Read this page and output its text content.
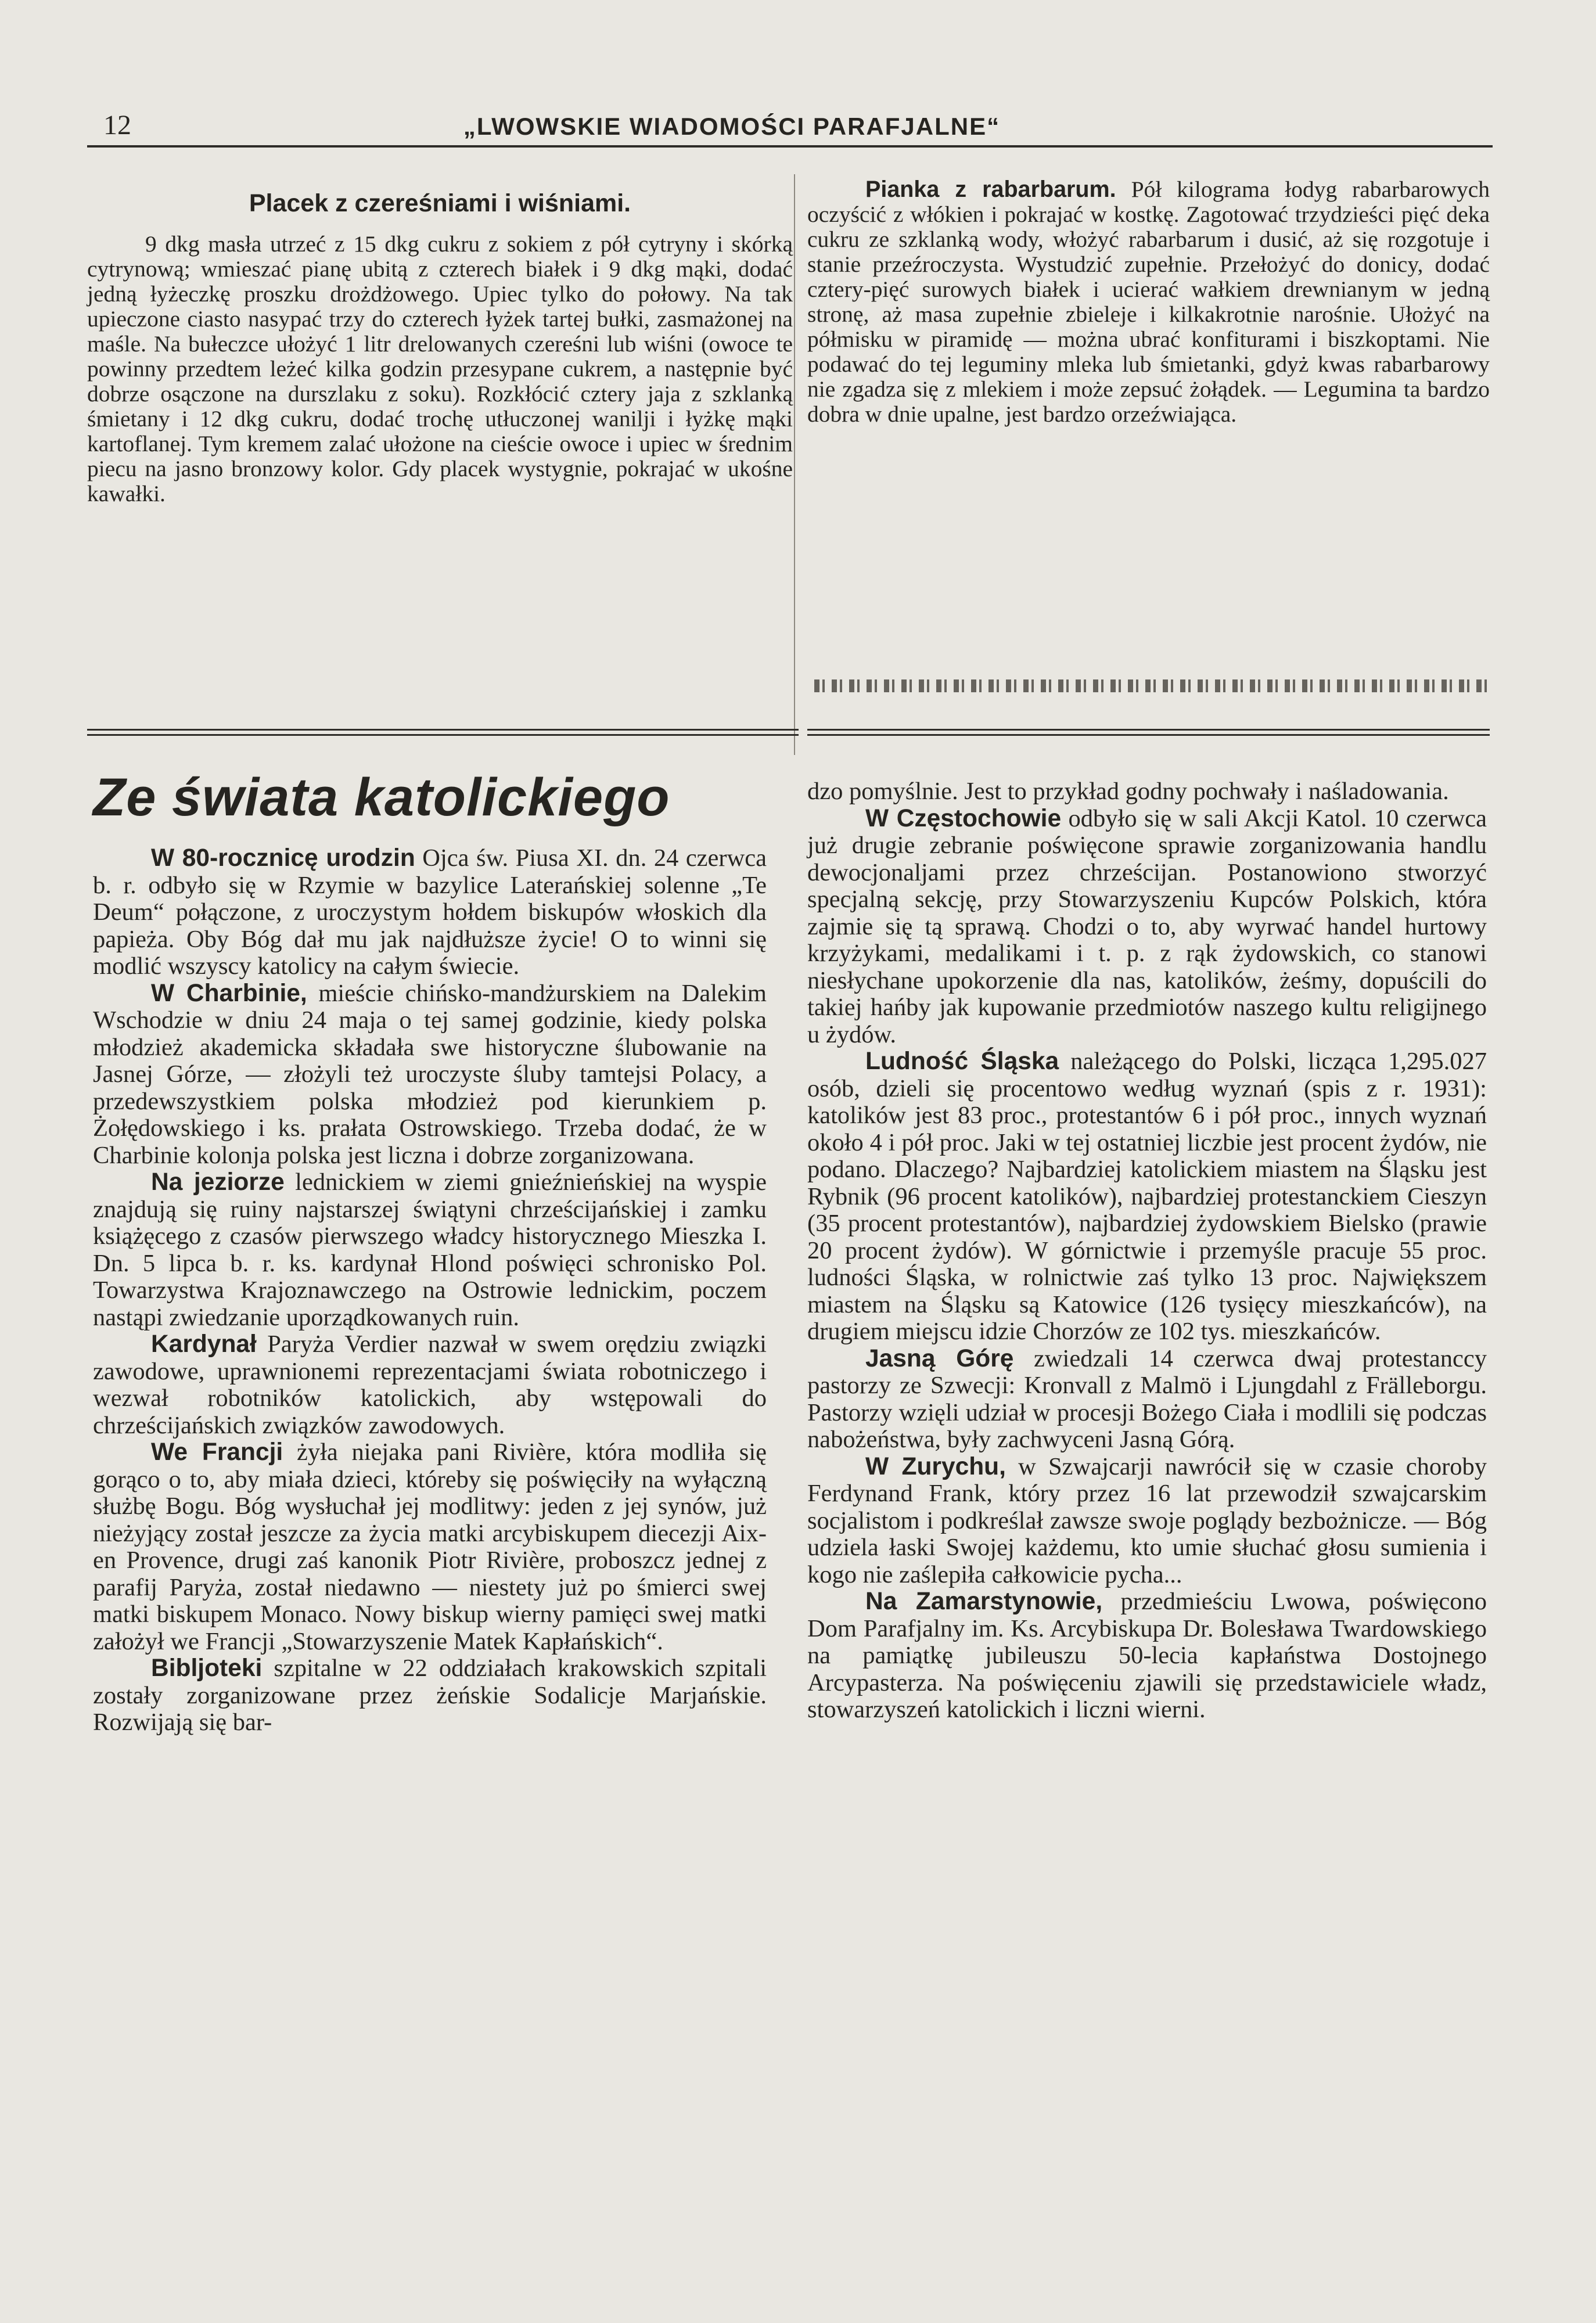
12	„LWOWSKIE WIADOMOŚCI PARAFJALNE“
Placek z czereśniami i wiśniami.

9 dkg masła utrzeć z 15 dkg cukru z sokiem z pół cytryny i skórką cytrynową; wmieszać pianę ubitą z czterech białek i 9 dkg mąki, dodać jedną łyżeczkę proszku drożdżowego. Upiec tylko do połowy. Na tak upieczone ciasto nasypać trzy do czterech łyżek tartej bułki, zasmażonej na maśle. Na bułeczce ułożyć 1 litr drelowanych czereśni lub wiśni (owoce te powinny przedtem leżeć kilka godzin przesypane cukrem, a następnie być dobrze osączone na durszlaku z soku). Rozkłócić cztery jaja z szklanką śmietany i 12 dkg cukru, dodać trochę utłuczonej wanilji i łyżkę mąki kartoflanej. Tym kremem zalać ułożone na cieście owoce i upiec w średnim piecu na jasno bronzowy kolor. Gdy placek wystygnie, pokrajać w ukośne kawałki.

Pianka z rabarbarum. Pół kilograma łodyg rabarbarowych oczyścić z włókien i pokrajać w kostkę. Zagotować trzydzieści pięć deka cukru ze szklanką wody, włożyć rabarbarum i dusić, aż się rozgotuje i stanie przeźroczysta. Wystudzić zupełnie. Przełożyć do donicy, dodać cztery-pięć surowych białek i ucierać wałkiem drewnianym w jedną stronę, aż masa zupełnie zbieleje i kilkakrotnie narośnie. Ułożyć na półmisku w piramidę — można ubrać konfiturami i biszkoptami. Nie podawać do tej leguminy mleka lub śmietanki, gdyż kwas rabarbarowy nie zgadza się z mlekiem i może zepsuć żołądek. — Legumina ta bardzo dobra w dnie upalne, jest bardzo orzeźwiająca.

Ze świata katolickiego

W 80-rocznicę urodzin Ojca św. Piusa XI. dn. 24 czerwca b. r. odbyło się w Rzymie w bazylice Laterańskiej solenne „Te Deum“ połączone, z uroczystym hołdem biskupów włoskich dla papieża. Oby Bóg dał mu jak najdłuższe życie! O to winni się modlić wszyscy katolicy na całym świecie.

W Charbinie, mieście chińsko-mandżurskiem na Dalekim Wschodzie w dniu 24 maja o tej samej godzinie, kiedy polska młodzież akademicka składała swe historyczne ślubowanie na Jasnej Górze, — złożyli też uroczyste śluby tamtejsi Polacy, a przedewszystkiem polska młodzież pod kierunkiem p. Żołędowskiego i ks. prałata Ostrowskiego. Trzeba dodać, że w Charbinie kolonja polska jest liczna i dobrze zorganizowana.

Na jeziorze lednickiem w ziemi gnieźnieńskiej na wyspie znajdują się ruiny najstarszej świątyni chrześcijańskiej i zamku książęcego z czasów pierwszego władcy historycznego Mieszka I. Dn. 5 lipca b. r. ks. kardynał Hlond poświęci schronisko Pol. Towarzystwa Krajoznawczego na Ostrowie lednickim, poczem nastąpi zwiedzanie uporządkowanych ruin.

Kardynał Paryża Verdier nazwał w swem orędziu związki zawodowe, uprawnionemi reprezentacjami świata robotniczego i wezwał robotników katolickich, aby wstępowali do chrześcijańskich związków zawodowych.

We Francji żyła niejaka pani Rivière, która modliła się gorąco o to, aby miała dzieci, któreby się poświęciły na wyłączną służbę Bogu. Bóg wysłuchał jej modlitwy: jeden z jej synów, już nieżyjący został jeszcze za życia matki arcybiskupem diecezji Aix-en Provence, drugi zaś kanonik Piotr Rivière, proboszcz jednej z parafij Paryża, został niedawno — niestety już po śmierci swej matki biskupem Monaco. Nowy biskup wierny pamięci swej matki założył we Francji „Stowarzyszenie Matek Kapłańskich“.

Bibljoteki szpitalne w 22 oddziałach krakowskich szpitali zostały zorganizowane przez żeńskie Sodalicje Marjańskie. Rozwijają się bar-

dzo pomyślnie. Jest to przykład godny pochwały i naśladowania.

W Częstochowie odbyło się w sali Akcji Katol. 10 czerwca już drugie zebranie poświęcone sprawie zorganizowania handlu dewocjonaljami przez chrześcijan. Postanowiono stworzyć specjalną sekcję, przy Stowarzyszeniu Kupców Polskich, która zajmie się tą sprawą. Chodzi o to, aby wyrwać handel hurtowy krzyżykami, medalikami i t. p. z rąk żydowskich, co stanowi niesłychane upokorzenie dla nas, katolików, żeśmy, dopuścili do takiej hańby jak kupowanie przedmiotów naszego kultu religijnego u żydów.

Ludność Śląska należącego do Polski, licząca 1,295.027 osób, dzieli się procentowo według wyznań (spis z r. 1931): katolików jest 83 proc., protestantów 6 i pół proc., innych wyznań około 4 i pół proc. Jaki w tej ostatniej liczbie jest procent żydów, nie podano. Dlaczego? Najbardziej katolickiem miastem na Śląsku jest Rybnik (96 procent katolików), najbardziej protestanckiem Cieszyn (35 procent protestantów), najbardziej żydowskiem Bielsko (prawie 20 procent żydów). W górnictwie i przemyśle pracuje 55 proc. ludności Śląska, w rolnictwie zaś tylko 13 proc. Największem miastem na Śląsku są Katowice (126 tysięcy mieszkańców), na drugiem miejscu idzie Chorzów ze 102 tys. mieszkańców.

Jasną Górę zwiedzali 14 czerwca dwaj protestanccy pastorzy ze Szwecji: Kronvall z Malmö i Ljungdahl z Frälleborgu. Pastorzy wzięli udział w procesji Bożego Ciała i modlili się podczas nabożeństwa, były zachwyceni Jasną Górą.

W Zurychu, w Szwajcarji nawrócił się w czasie choroby Ferdynand Frank, który przez 16 lat przewodził szwajcarskim socjalistom i podkreślał zawsze swoje poglądy bezbożnicze. — Bóg udziela łaski Swojej każdemu, kto umie słuchać głosu sumienia i kogo nie zaślepiła całkowicie pycha...

Na Zamarstynowie, przedmieściu Lwowa, poświęcono Dom Parafjalny im. Ks. Arcybiskupa Dr. Bolesława Twardowskiego na pamiątkę jubileuszu 50-lecia kapłaństwa Dostojnego Arcypasterza. Na poświęceniu zjawili się przedstawiciele władz, stowarzyszeń katolickich i liczni wierni.
